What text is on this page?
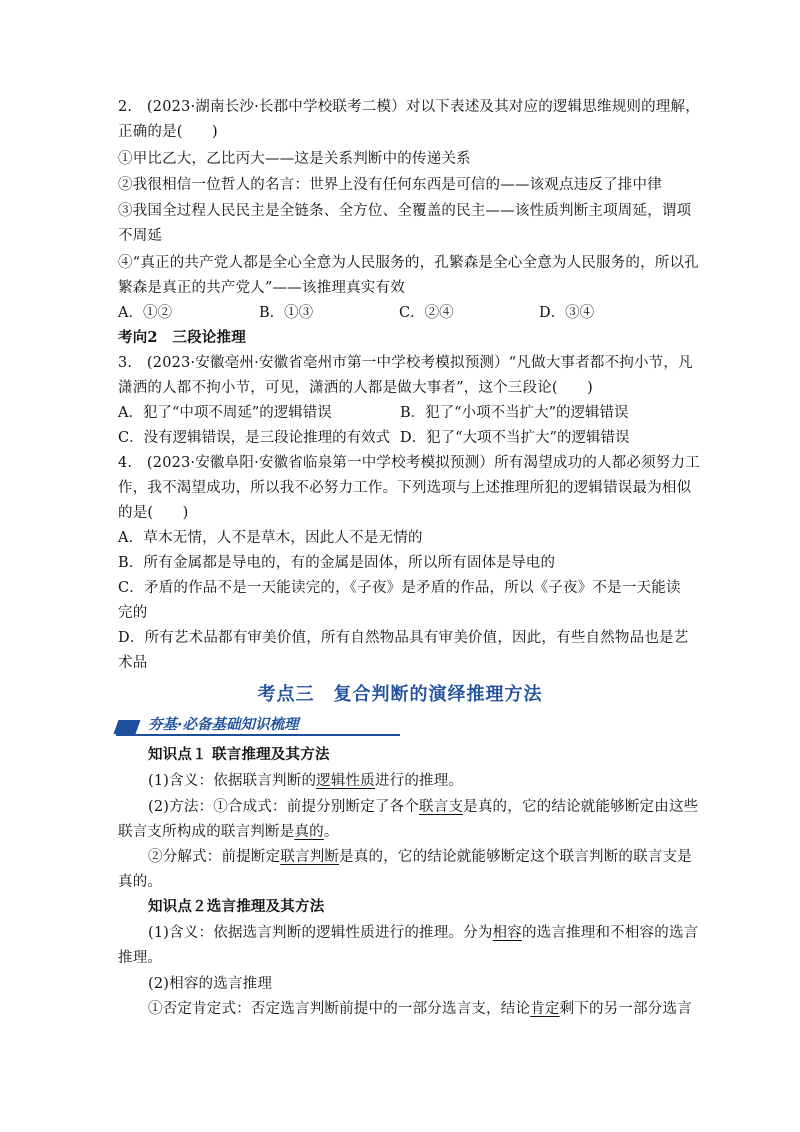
2.　(2023·湖南长沙·长郡中学校联考二模）对以下表述及其对应的逻辑思维规则的理解，
正确的是(　　)
①甲比乙大，乙比丙大——这是关系判断中的传递关系
②我很相信一位哲人的名言：世界上没有任何东西是可信的——该观点违反了排中律
③我国全过程人民民主是全链条、全方位、全覆盖的民主——该性质判断主项周延，谓项
不周延
④“真正的共产党人都是全心全意为人民服务的，孔繁森是全心全意为人民服务的，所以孔
繁森是真正的共产党人”——该推理真实有效
A．①②	B．①③	C．②④	D．③④
考向2　三段论推理
3.　(2023·安徽亳州·安徽省亳州市第一中学校考模拟预测）“凡做大事者都不拘小节，凡
潇洒的人都不拘小节，可见，潇洒的人都是做大事者”，这个三段论(　　)
A．犯了“中项不周延”的逻辑错误	B．犯了“小项不当扩大”的逻辑错误
C．没有逻辑错误，是三段论推理的有效式 D．犯了“大项不当扩大”的逻辑错误
4.　(2023·安徽阜阳·安徽省临泉第一中学校考模拟预测）所有渴望成功的人都必须努力工
作，我不渴望成功，所以我不必努力工作。下列选项与上述推理所犯的逻辑错误最为相似
的是(　　)
A．草木无情，人不是草木，因此人不是无情的
B．所有金属都是导电的，有的金属是固体，所以所有固体是导电的
C．矛盾的作品不是一天能读完的，《子夜》是矛盾的作品，所以《子夜》不是一天能读
完的
D．所有艺术品都有审美价值，所有自然物品具有审美价值，因此，有些自然物品也是艺
术品
考点三　复合判断的演绎推理方法
夯基·必备基础知识梳理
知识点１ 联言推理及其方法
(1)含义：依据联言判断的逻辑性质进行的推理。
(2)方法：①合成式：前提分别断定了各个联言支是真的，它的结论就能够断定由这些
联言支所构成的联言判断是真的。
②分解式：前提断定联言判断是真的，它的结论就能够断定这个联言判断的联言支是
真的。
知识点２选言推理及其方法
(1)含义：依据选言判断的逻辑性质进行的推理。分为相容的选言推理和不相容的选言
推理。
(2)相容的选言推理
①否定肯定式：否定选言判断前提中的一部分选言支，结论肯定剩下的另一部分选言
